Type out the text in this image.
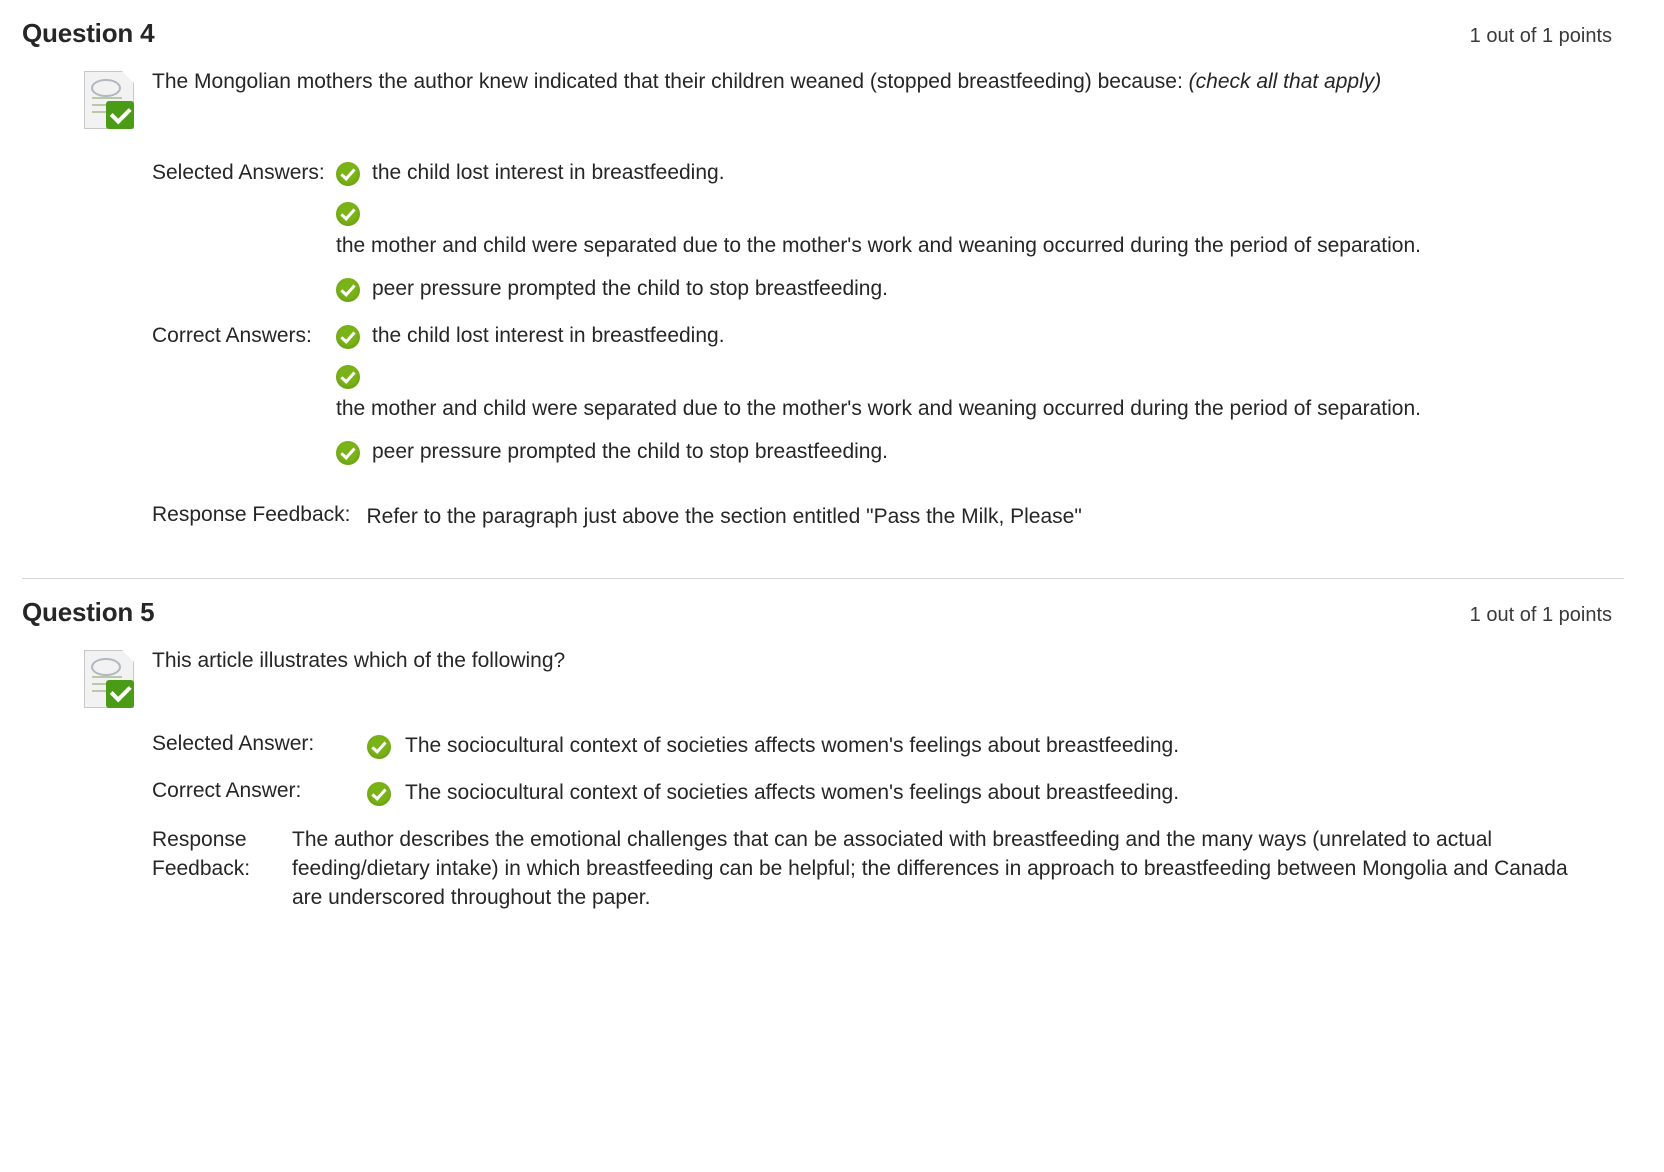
Question 4	1 out of 1 points
The Mongolian mothers the author knew indicated that their children weaned (stopped breastfeeding) because: (check all that apply)
Selected Answers:	the child lost interest in breastfeeding.
the mother and child were separated due to the mother's work and weaning occurred during the period of separation.
peer pressure prompted the child to stop breastfeeding.
Correct Answers:	the child lost interest in breastfeeding.
the mother and child were separated due to the mother's work and weaning occurred during the period of separation.
peer pressure prompted the child to stop breastfeeding.
Response Feedback: Refer to the paragraph just above the section entitled "Pass the Milk, Please"
Question 5	1 out of 1 points
This article illustrates which of the following?
Selected Answer:	The sociocultural context of societies affects women's feelings about breastfeeding.
Correct Answer:	The sociocultural context of societies affects women's feelings about breastfeeding.
Response Feedback:
The author describes the emotional challenges that can be associated with breastfeeding and the many ways (unrelated to actual feeding/dietary intake) in which breastfeeding can be helpful; the differences in approach to breastfeeding between Mongolia and Canada are underscored throughout the paper.
